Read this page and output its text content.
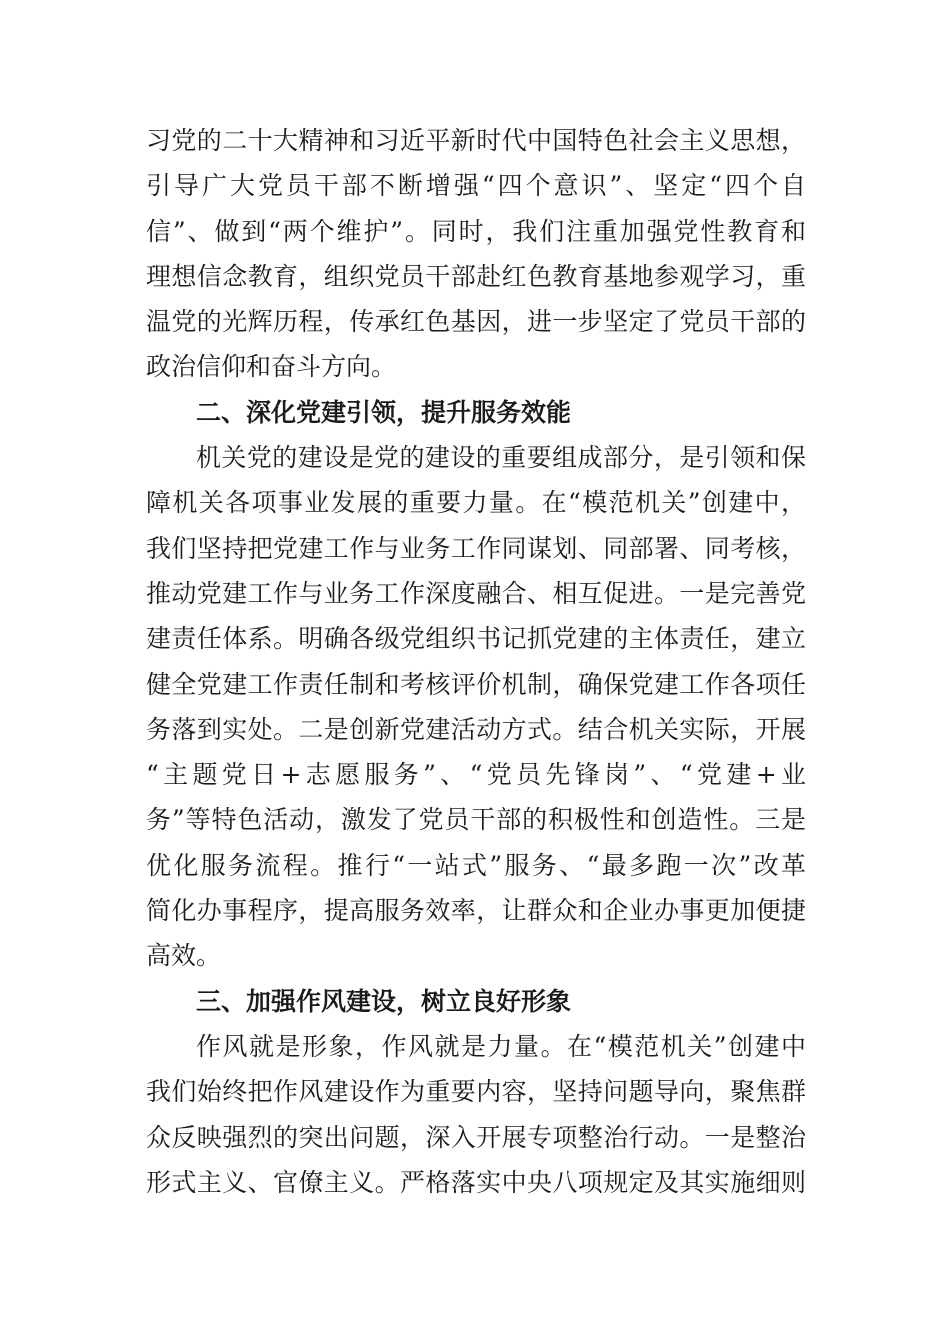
习党的二十大精神和习近平新时代中国特色社会主义思想，
引导广大党员干部不断增强“四个意识”、坚定“四个自
信”、做到“两个维护”。同时，我们注重加强党性教育和
理想信念教育，组织党员干部赴红色教育基地参观学习，重
温党的光辉历程，传承红色基因，进一步坚定了党员干部的
政治信仰和奋斗方向。
二、深化党建引领，提升服务效能
机关党的建设是党的建设的重要组成部分，是引领和保
障机关各项事业发展的重要力量。在“模范机关”创建中，
我们坚持把党建工作与业务工作同谋划、同部署、同考核，
推动党建工作与业务工作深度融合、相互促进。一是完善党
建责任体系。明确各级党组织书记抓党建的主体责任，建立
健全党建工作责任制和考核评价机制，确保党建工作各项任
务落到实处。二是创新党建活动方式。结合机关实际，开展
“主题党日+志愿服务”、“党员先锋岗”、“党建+业
务”等特色活动，激发了党员干部的积极性和创造性。三是
优化服务流程。推行“一站式”服务、“最多跑一次”改革
简化办事程序，提高服务效率，让群众和企业办事更加便捷
高效。
三、加强作风建设，树立良好形象
作风就是形象，作风就是力量。在“模范机关”创建中
我们始终把作风建设作为重要内容，坚持问题导向，聚焦群
众反映强烈的突出问题，深入开展专项整治行动。一是整治
形式主义、官僚主义。严格落实中央八项规定及其实施细则
